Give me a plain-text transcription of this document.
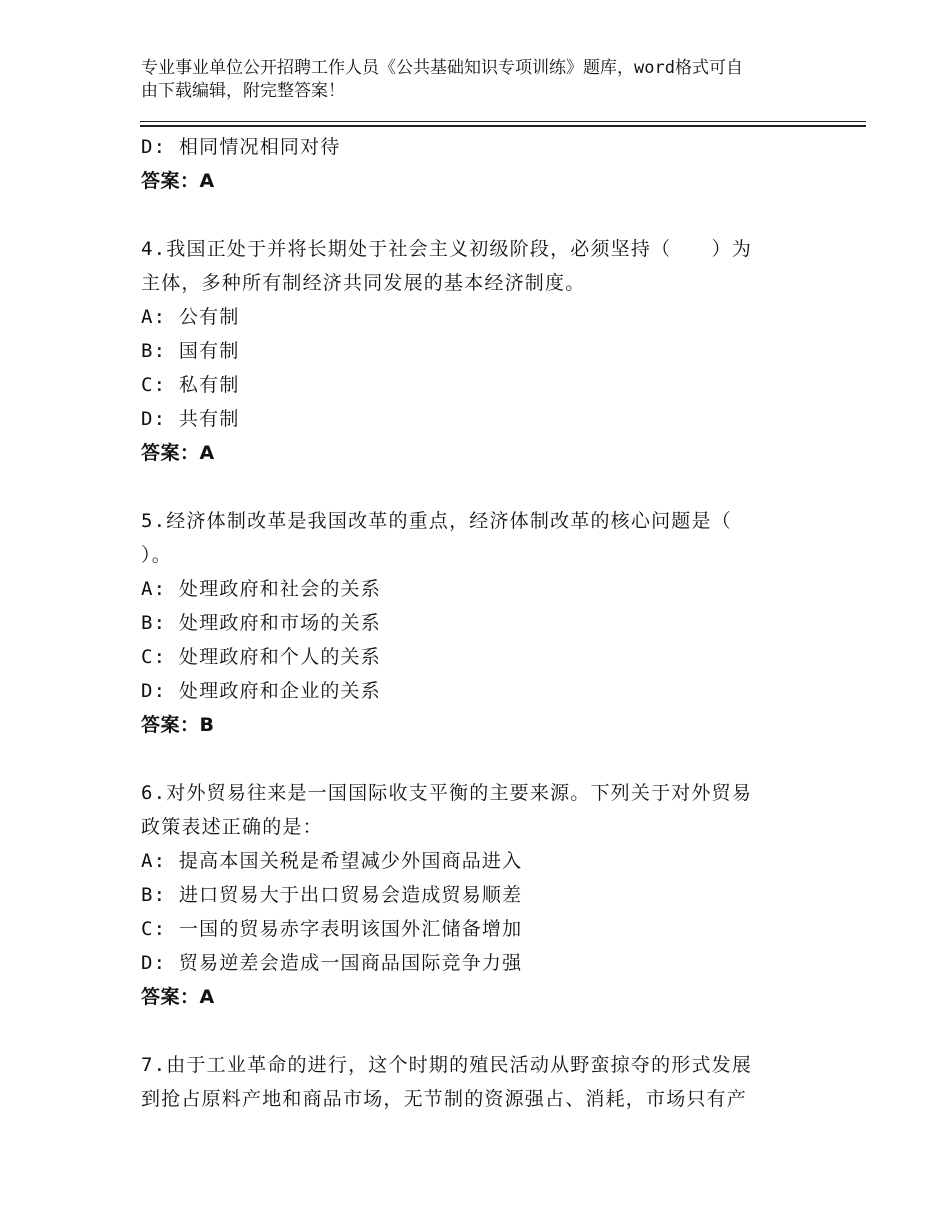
专业事业单位公开招聘工作人员《公共基础知识专项训练》题库，word格式可自
由下载编辑，附完整答案！
D: 相同情况相同对待
答案：A
4.我国正处于并将长期处于社会主义初级阶段，必须坚持（　　）为
主体，多种所有制经济共同发展的基本经济制度。
A: 公有制
B: 国有制
C: 私有制
D: 共有制
答案：A
5.经济体制改革是我国改革的重点，经济体制改革的核心问题是（
）。
A: 处理政府和社会的关系
B: 处理政府和市场的关系
C: 处理政府和个人的关系
D: 处理政府和企业的关系
答案：B
6.对外贸易往来是一国国际收支平衡的主要来源。下列关于对外贸易
政策表述正确的是：
A: 提高本国关税是希望减少外国商品进入
B: 进口贸易大于出口贸易会造成贸易顺差
C: 一国的贸易赤字表明该国外汇储备增加
D: 贸易逆差会造成一国商品国际竞争力强
答案：A
7.由于工业革命的进行，这个时期的殖民活动从野蛮掠夺的形式发展
到抢占原料产地和商品市场，无节制的资源强占、消耗，市场只有产
